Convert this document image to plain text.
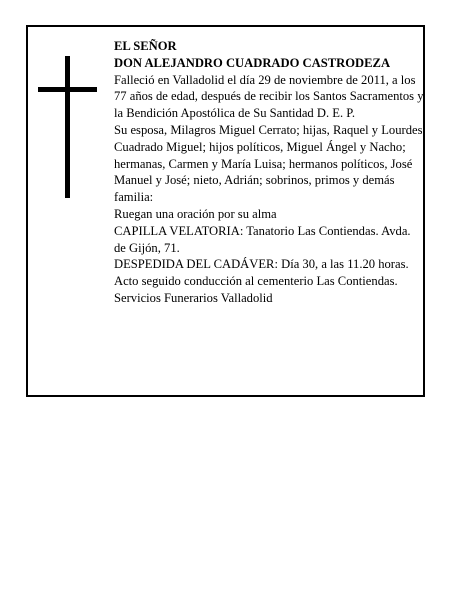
EL SEÑOR

DON ALEJANDRO CUADRADO CASTRODEZA

Falleció en Valladolid el día 29 de noviembre de 2011, a los 77 años de edad, después de recibir los Santos Sacramentos y la Bendición Apostólica de Su Santidad D. E. P.

Su esposa, Milagros Miguel Cerrato; hijas, Raquel y Lourdes Cuadrado Miguel; hijos políticos, Miguel Ángel y Nacho; hermanas, Carmen y María Luisa; hermanos políticos, José Manuel y José; nieto, Adrián; sobrinos, primos y demás familia:

Ruegan una oración por su alma

CAPILLA VELATORIA: Tanatorio Las Contiendas. Avda. de Gijón, 71.

DESPEDIDA DEL CADÁVER: Día 30, a las 11.20 horas. Acto seguido conducción al cementerio Las Contiendas.

Servicios Funerarios Valladolid
